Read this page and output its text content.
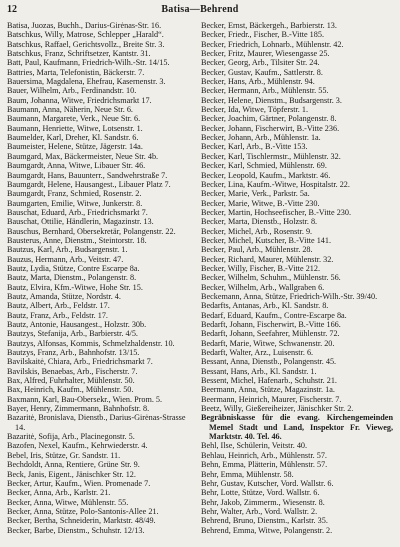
12	Batisa—Behrend
Batisa, Juozas, Buchh., Darius-Girėnas-Str. 16.
Batschkus, Willy, Matrose, Schlepper „Harald“.
Batschkus, Raffael, Gerichtsvollz., Breite Str. 3.
Batschkus, Franz, Schriftsetzer, Kantstr. 31.
Batt, Paul, Kaufmann, Friedrich-Wilh.-Str. 14/15.
Battries, Marta, Telefonistin, Bäckerstr. 7.
Bauersima, Magdalena, Ehefrau, Kasernenstr. 3.
Bauer, Wilhelm, Arb., Ferdinandstr. 10.
Baum, Johanna, Witwe, Friedrichsmarkt 17.
Baumann, Anna, Näherin, Neue Str. 6.
Baumann, Margarete, Verk., Neue Str. 6.
Baumann, Henriette, Witwe, Lotsenstr. 1.
Baumelder, Karl, Dreher, Kl. Sandstr. 6.
Baumeister, Helene, Stütze, Jägerstr. 14a.
Baumgard, Max, Bäckermeister, Neue Str. 4b.
Baumgardt, Anna, Witwe, Libauer Str. 46.
Baumgardt, Hans, Bauunterr., Sandwehrstraße 7.
Baumgardt, Helene, Hausangest., Libauer Platz 7.
Baumgardt, Franz, Schmied, Rosenstr. 2.
Baumgarten, Emilie, Witwe, Junkerstr. 8.
Bauschat, Eduard, Arb., Friedrichsmarkt 7.
Bauschat, Ottilie, Händlerin, Magazinstr. 13.
Bauschus, Bernhard, Obersekretär, Polangenstr. 22.
Bausterus, Anne, Dienstm., Steintorstr. 18.
Bautzus, Karl, Arb., Budsargenstr. 1.
Bauzus, Hermann, Arb., Veitstr. 47.
Bautz, Lydia, Stütze, Contre Escarpe 8a.
Bautz, Marta, Dienstm., Polangenstr. 8.
Bautz, Elvira, Kfm.-Witwe, Hohe Str. 15.
Bautz, Amanda, Stütze, Nordstr. 4.
Bautz, Albert, Arb., Feldstr. 17.
Bautz, Franz, Arb., Feldstr. 17.
Bautz, Antonie, Hausangest., Holzstr. 30b.
Bautzys, Stefanija, Arb., Barbierstr. 4/5.
Bautzys, Alfonsas, Kommis, Schmelzhaldenstr. 10.
Bautzys, Franz, Arb., Bahnhofstr. 13/15.
Bavilskaitė, Chiara, Arb., Friedrichsmarkt 7.
Bavilskis, Benaebas, Arb., Fischerstr. 7.
Bax, Alfred, Fuhrhalter, Mühlenstr. 50.
Bax, Heinrich, Kaufm., Mühlenstr. 50.
Baxmann, Karl, Bau-Obersekr., Wien. Prom. 5.
Bayer, Henry, Zimmermann, Bahnhofstr. 8.
Bazaritė, Bronislava, Dienstb., Darius-Girėnas-Strasse 14.
Bazaritė, Sofija, Arb., Placinegonstr. 5.
Bazofen, Nexel, Kaufm., Kehrwiederstr. 4.
Bebel, Iris, Stütze, Gr. Sandstr. 11.
Bechdoldt, Anna, Rentiere, Grüne Str. 9.
Beck, Janis, Eigent., Jänischker Str. 12.
Becker, Artur, Kaufm., Wien. Promenade 7.
Becker, Anna, Arb., Karlstr. 21.
Becker, Anna, Witwe, Mühlenstr. 55.
Becker, Anna, Stütze, Polo-Santonis-Allee 21.
Becker, Bertha, Schneiderin, Marktstr. 48/49.
Becker, Barbe, Dienstm., Schuhstr. 12/13.
Becker, Ernst, Bäckergeh., Barbierstr. 13.
Becker, Friedr., Fischer, B.-Vitte 185.
Becker, Friedrich, Lohnarb., Mühlenstr. 42.
Becker, Fritz, Maurer, Wiesengasse 25.
Becker, Georg, Arb., Tilsiter Str. 24.
Becker, Gustav, Kaufm., Sattlerstr. 8.
Becker, Hans, Arb., Mühlenstr. 94.
Becker, Hermann, Arb., Mühlenstr. 55.
Becker, Helene, Dienstm., Budsargenstr. 3.
Becker, Ida, Witwe, Töpferstr. 1.
Becker, Joachim, Gärtner, Polangenstr. 8.
Becker, Johann, Fischerwirt, B.-Vitte 236.
Becker, Johann, Arb., Mühlenstr. 1a.
Becker, Karl, Arb., B.-Vitte 153.
Becker, Karl, Tischlermstr., Mühlenstr. 32.
Becker, Karl, Schmied, Mühlenstr. 69.
Becker, Leopold, Kaufm., Marktstr. 46.
Becker, Lina, Kaufm.-Witwe, Hospitalstr. 22.
Becker, Marie, Verk., Parkstr. 5a.
Becker, Marie, Witwe, B.-Vitte 230.
Becker, Martin, Hochseefischer, B.-Vitte 230.
Becker, Marta, Dienstb., Holzstr. 8.
Becker, Michel, Arb., Rosenstr. 9.
Becker, Michel, Kutscher, B.-Vitte 141.
Becker, Paul, Arb., Mühlenstr. 28.
Becker, Richard, Maurer, Mühlenstr. 32.
Becker, Willy, Fischer, B.-Vitte 212.
Becker, Wilhelm, Schuhm., Mühlenstr. 56.
Becker, Wilhelm, Arb., Wallgraben 6.
Beckemann, Anna, Stütze, Friedrich-Wilh.-Str. 39/40.
Bedarfts, Antanas, Arb., Kl. Sandstr. 8.
Bedarf, Eduard, Kaufm., Contre-Escarpe 8a.
Bedarft, Johann, Fischerwirt, B.-Vitte 166.
Bedarft, Johann, Seefahrer, Mühlenstr. 72.
Bedarft, Marie, Witwe, Schwanenstr. 20.
Bedarft, Walter, Arz., Luisenstr. 6.
Bessant, Anna, Dienstb., Polangenstr. 45.
Bessant, Hans, Arb., Kl. Sandstr. 1.
Bessent, Michel, Hafenarb., Schuhstr. 21.
Beermann, Anna, Stütze, Magazinstr. 1a.
Beermann, Heinrich, Maurer, Fischerstr. 7.
Beetz, Willy, Gießereiheizer, Jänischker Str. 2.
Begräbniskasse für die evang. Kirchengemeinden Memel Stadt und Land, Inspektor Fr. Vieweg, Marktstr. 40. Tel. 46.
Behl, Ilse, Schülerin, Veitstr. 40.
Behlau, Heinrich, Arb., Mühlenstr. 57.
Behn, Emma, Plätterin, Mühlenstr. 57.
Behr, Emma, Mühlenstr. 58.
Behr, Gustav, Kutscher, Vord. Wallstr. 6.
Behr, Lotte, Stütze, Vord. Wallstr. 6.
Behr, Jakob, Zimmerm., Wiesenstr. 8.
Behr, Walter, Arb., Vord. Wallstr. 2.
Behrend, Bruno, Dienstm., Karlstr. 35.
Behrend, Emma, Witwe, Polangenstr. 2.
